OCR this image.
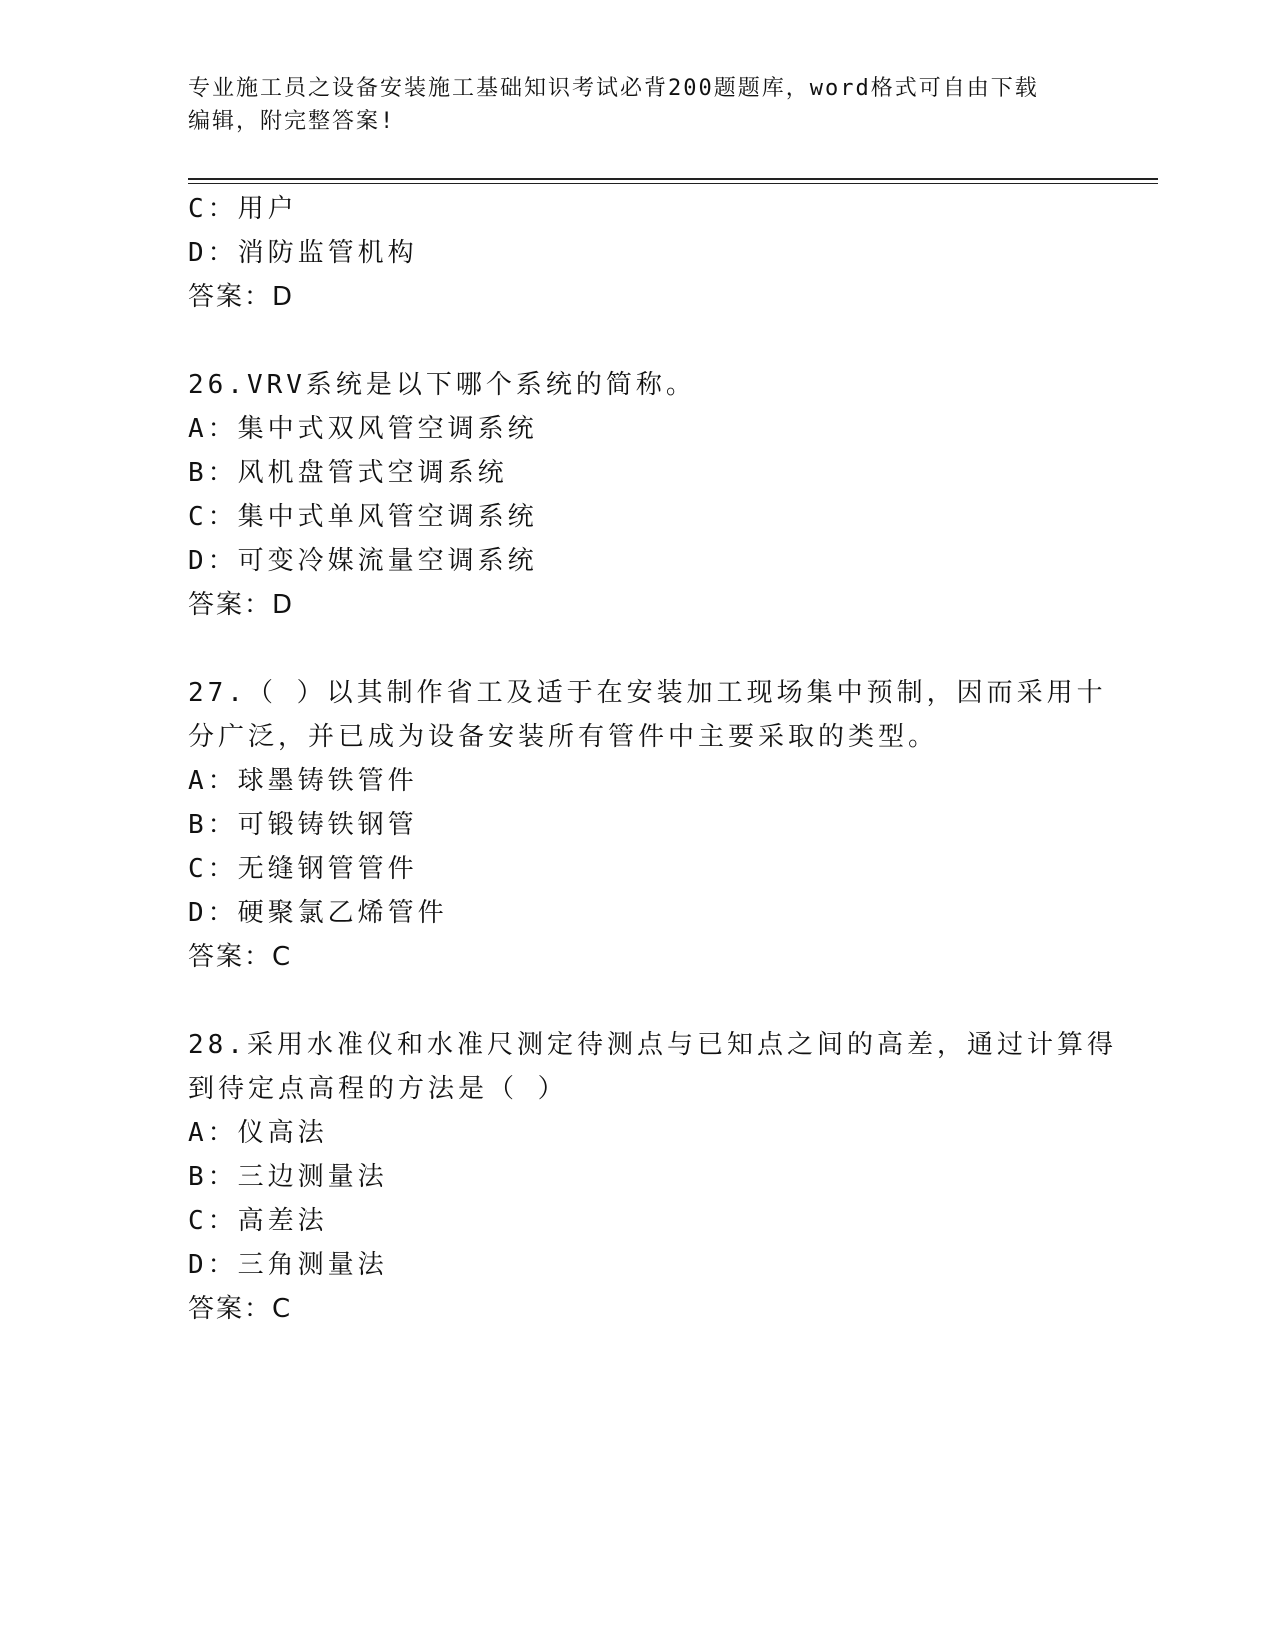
专业施工员之设备安装施工基础知识考试必背200题题库，word格式可自由下载
编辑，附完整答案!
C：用户
D：消防监管机构
答案：D
26.VRV系统是以下哪个系统的简称。
A：集中式双风管空调系统
B：风机盘管式空调系统
C：集中式单风管空调系统
D：可变冷媒流量空调系统
答案：D
27.（ ）以其制作省工及适于在安装加工现场集中预制，因而采用十
分广泛，并已成为设备安装所有管件中主要采取的类型。
A：球墨铸铁管件
B：可锻铸铁钢管
C：无缝钢管管件
D：硬聚氯乙烯管件
答案：C
28.采用水准仪和水准尺测定待测点与已知点之间的高差，通过计算得
到待定点高程的方法是（ ）
A：仪高法
B：三边测量法
C：高差法
D：三角测量法
答案：C
